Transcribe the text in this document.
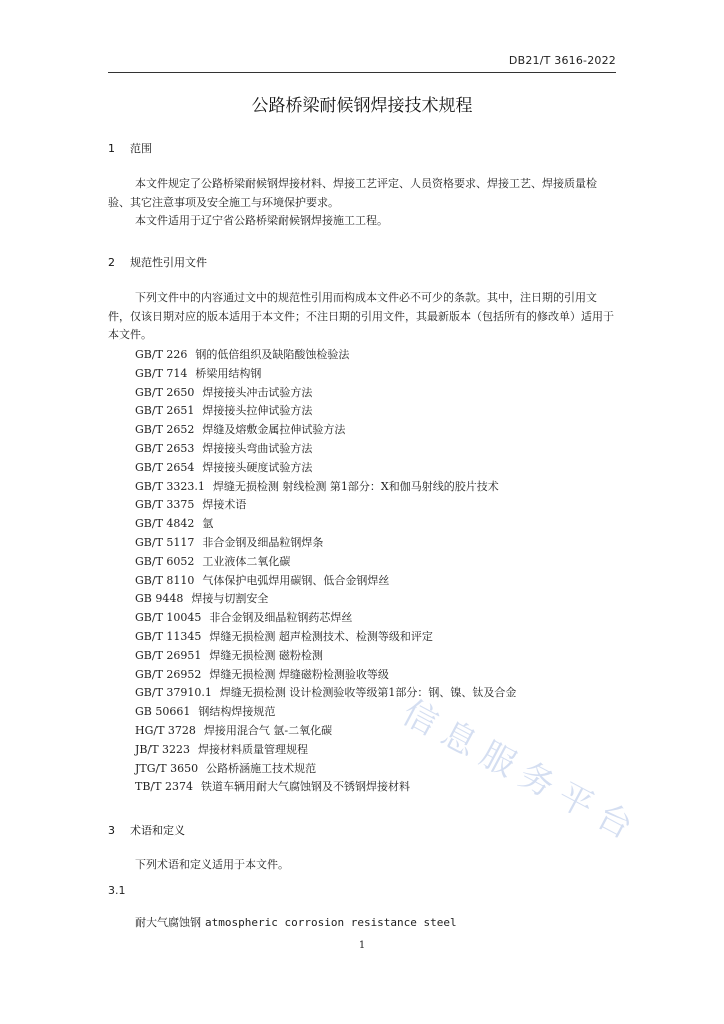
DB21/T 3616-2022
公路桥梁耐候钢焊接技术规程
1 范围

本文件规定了公路桥梁耐候钢焊接材料、焊接工艺评定、人员资格要求、焊接工艺、焊接质量检验、其它注意事项及安全施工与环境保护要求。

本文件适用于辽宁省公路桥梁耐候钢焊接施工工程。

2 规范性引用文件

下列文件中的内容通过文中的规范性引用而构成本文件必不可少的条款。其中，注日期的引用文件，仅该日期对应的版本适用于本文件；不注日期的引用文件，其最新版本（包括所有的修改单）适用于本文件。

GB/T 226 钢的低倍组织及缺陷酸蚀检验法
GB/T 714 桥梁用结构钢
GB/T 2650 焊接接头冲击试验方法
GB/T 2651 焊接接头拉伸试验方法
GB/T 2652 焊缝及熔敷金属拉伸试验方法
GB/T 2653 焊接接头弯曲试验方法
GB/T 2654 焊接接头硬度试验方法
GB/T 3323.1 焊缝无损检测 射线检测 第1部分：X和伽马射线的胶片技术
GB/T 3375 焊接术语
GB/T 4842 氩
GB/T 5117 非合金钢及细晶粒钢焊条
GB/T 6052 工业液体二氧化碳
GB/T 8110 气体保护电弧焊用碳钢、低合金钢焊丝
GB 9448 焊接与切割安全
GB/T 10045 非合金钢及细晶粒钢药芯焊丝
GB/T 11345 焊缝无损检测 超声检测技术、检测等级和评定
GB/T 26951 焊缝无损检测 磁粉检测
GB/T 26952 焊缝无损检测 焊缝磁粉检测验收等级
GB/T 37910.1 焊缝无损检测 设计检测验收等级第1部分：钢、镍、钛及合金
GB 50661 钢结构焊接规范
HG/T 3728 焊接用混合气 氩-二氧化碳
JB/T 3223 焊接材料质量管理规程
JTG/T 3650 公路桥涵施工技术规范
TB/T 2374 铁道车辆用耐大气腐蚀钢及不锈钢焊接材料
3 术语和定义

下列术语和定义适用于本文件。

3.1
耐大气腐蚀钢 atmospheric corrosion resistance steel
1
信息服务平台
